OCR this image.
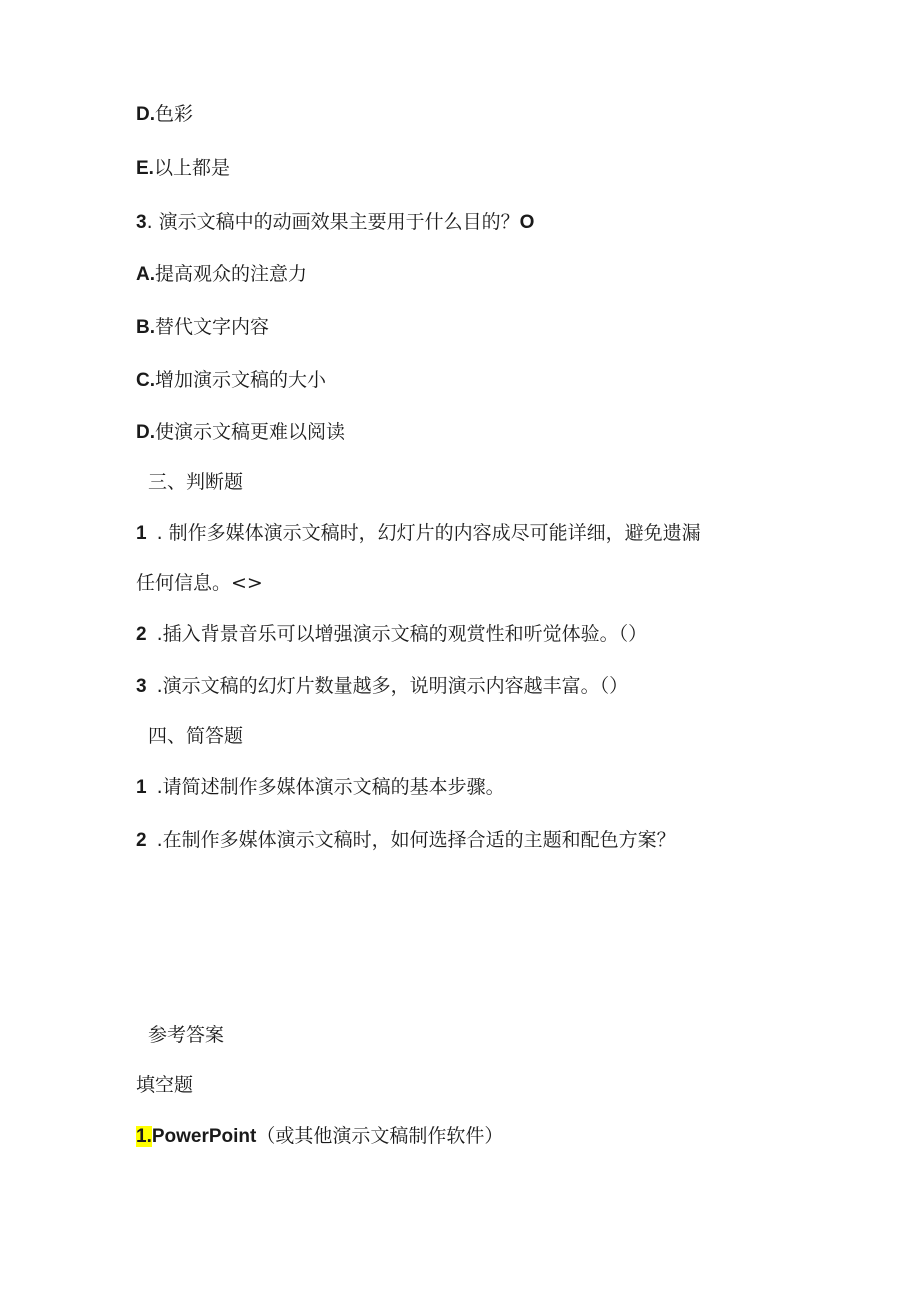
D.色彩
E.以上都是
3. 演示文稿中的动画效果主要用于什么目的？O
A.提高观众的注意力
B.替代文字内容
C.增加演示文稿的大小
D.使演示文稿更难以阅读
三、判断题
1 . 制作多媒体演示文稿时，幻灯片的内容成尽可能详细，避免遗漏
任何信息。<>
2 .插入背景音乐可以增强演示文稿的观赏性和听觉体验。（）
3 .演示文稿的幻灯片数量越多，说明演示内容越丰富。（）
四、简答题
1 .请简述制作多媒体演示文稿的基本步骤。
2 .在制作多媒体演示文稿时，如何选择合适的主题和配色方案？
参考答案
填空题
1.PowerPoint（或其他演示文稿制作软件）
